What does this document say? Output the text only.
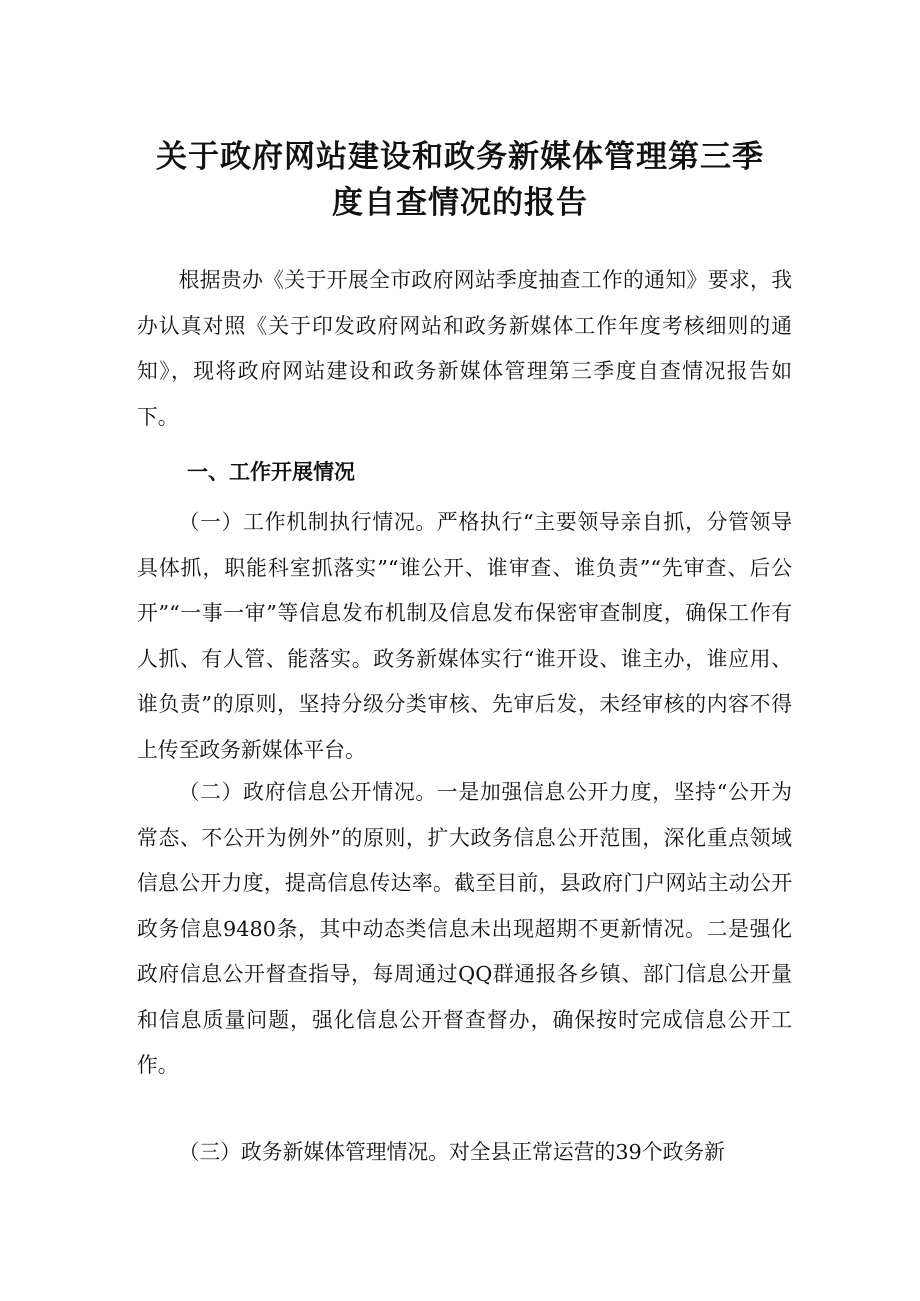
关于政府网站建设和政务新媒体管理第三季
度自查情况的报告

根据贵办《关于开展全市政府网站季度抽查工作的通知》要求，我办认真对照《关于印发政府网站和政务新媒体工作年度考核细则的通知》，现将政府网站建设和政务新媒体管理第三季度自查情况报告如下。

一、工作开展情况

（一）工作机制执行情况。严格执行“主要领导亲自抓，分管领导具体抓，职能科室抓落实”“谁公开、谁审查、谁负责”“先审查、后公开”“一事一审”等信息发布机制及信息发布保密审查制度，确保工作有人抓、有人管、能落实。政务新媒体实行“谁开设、谁主办，谁应用、谁负责”的原则，坚持分级分类审核、先审后发，未经审核的内容不得上传至政务新媒体平台。

（二）政府信息公开情况。一是加强信息公开力度，坚持“公开为常态、不公开为例外”的原则，扩大政务信息公开范围，深化重点领域信息公开力度，提高信息传达率。截至目前，县政府门户网站主动公开政务信息9480条，其中动态类信息未出现超期不更新情况。二是强化政府信息公开督查指导，每周通过QQ群通报各乡镇、部门信息公开量和信息质量问题，强化信息公开督查督办，确保按时完成信息公开工作。

（三）政务新媒体管理情况。对全县正常运营的39个政务新
